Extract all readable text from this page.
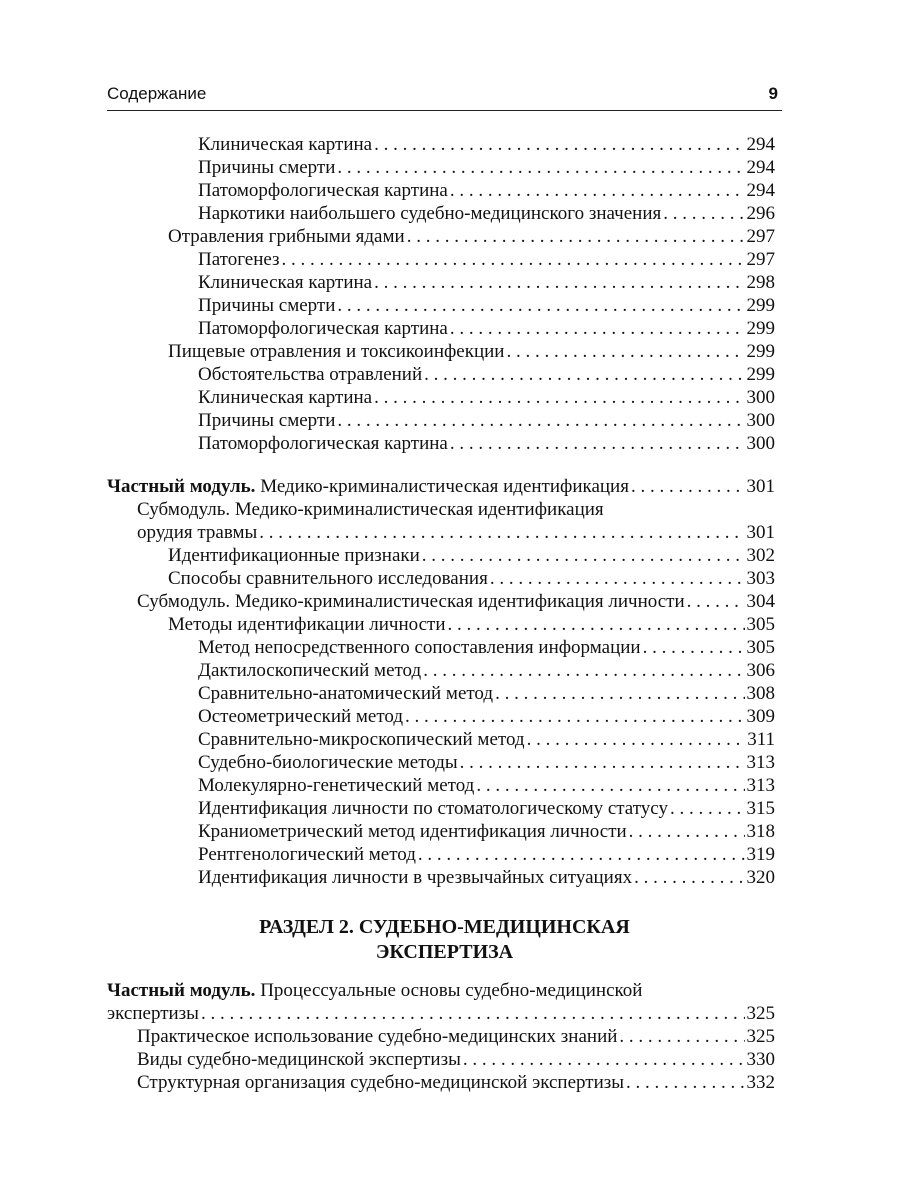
Содержание	9
Клиническая картина . . .	294
Причины смерти . . .	294
Патоморфологическая картина . . .	294
Наркотики наибольшего судебно-медицинского значения . . .	296
Отравления грибными ядами . . .	297
Патогенез . . .	297
Клиническая картина . . .	298
Причины смерти . . .	299
Патоморфологическая картина . . .	299
Пищевые отравления и токсикоинфекции . . .	299
Обстоятельства отравлений . . .	299
Клиническая картина . . .	300
Причины смерти . . .	300
Патоморфологическая картина . . .	300
Частный модуль. Медико-криминалистическая идентификация . . .	301
Субмодуль. Медико-криминалистическая идентификация
орудия травмы . . .	301
Идентификационные признаки . . .	302
Способы сравнительного исследования . . .	303
Субмодуль. Медико-криминалистическая идентификация личности . . .	304
Методы идентификации личности . . .	305
Метод непосредственного сопоставления информации . . .	305
Дактилоскопический метод . . .	306
Сравнительно-анатомический метод . . .	308
Остеометрический метод . . .	309
Сравнительно-микроскопический метод . . .	311
Судебно-биологические методы . . .	313
Молекулярно-генетический метод . . .	313
Идентификация личности по стоматологическому статусу . . .	315
Краниометрический метод идентификация личности . . .	318
Рентгенологический метод . . .	319
Идентификация личности в чрезвычайных ситуациях . . .	320
РАЗДЕЛ 2. СУДЕБНО-МЕДИЦИНСКАЯ
ЭКСПЕРТИЗА
Частный модуль. Процессуальные основы судебно-медицинской
экспертизы . . .	325
Практическое использование судебно-медицинских знаний . . .	325
Виды судебно-медицинской экспертизы . . .	330
Структурная организация судебно-медицинской экспертизы . . .	332
